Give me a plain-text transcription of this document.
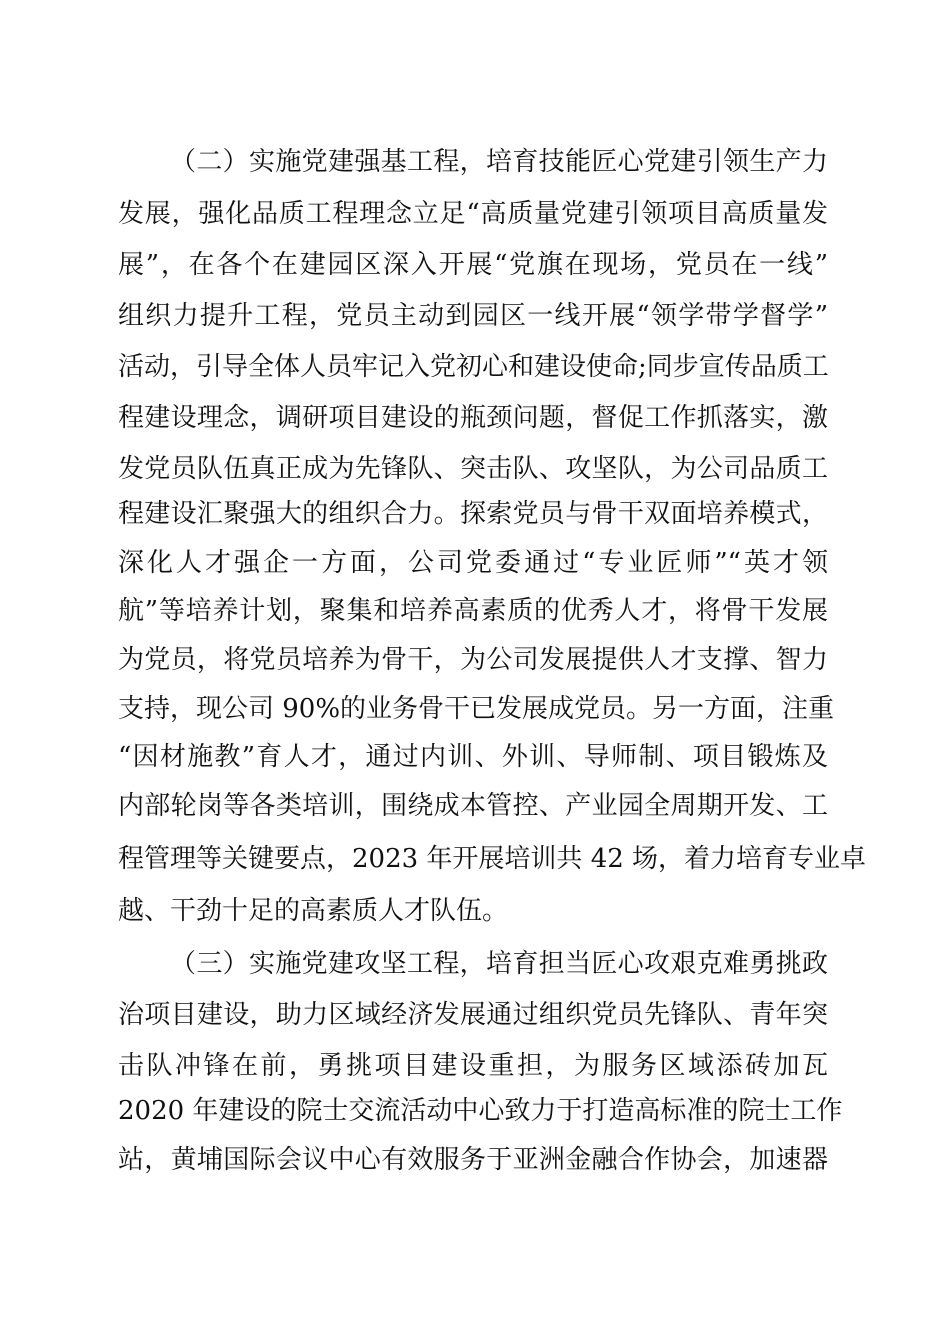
（二）实施党建强基工程，培育技能匠心党建引领生产力
发展，强化品质工程理念立足“高质量党建引领项目高质量发
展”，在各个在建园区深入开展“党旗在现场，党员在一线”
组织力提升工程，党员主动到园区一线开展“领学带学督学”
活动，引导全体人员牢记入党初心和建设使命;同步宣传品质工
程建设理念，调研项目建设的瓶颈问题，督促工作抓落实，激
发党员队伍真正成为先锋队、突击队、攻坚队，为公司品质工
程建设汇聚强大的组织合力。探索党员与骨干双面培养模式，
深化人才强企一方面，公司党委通过“专业匠师”“英才领
航”等培养计划，聚集和培养高素质的优秀人才，将骨干发展
为党员，将党员培养为骨干，为公司发展提供人才支撑、智力
支持，现公司 90%的业务骨干已发展成党员。另一方面，注重
“因材施教”育人才，通过内训、外训、导师制、项目锻炼及
内部轮岗等各类培训，围绕成本管控、产业园全周期开发、工
程管理等关键要点，2023 年开展培训共 42 场，着力培育专业卓
越、干劲十足的高素质人才队伍。
（三）实施党建攻坚工程，培育担当匠心攻艰克难勇挑政
治项目建设，助力区域经济发展通过组织党员先锋队、青年突
击队冲锋在前，勇挑项目建设重担，为服务区域添砖加瓦
2020 年建设的院士交流活动中心致力于打造高标准的院士工作
站，黄埔国际会议中心有效服务于亚洲金融合作协会，加速器
